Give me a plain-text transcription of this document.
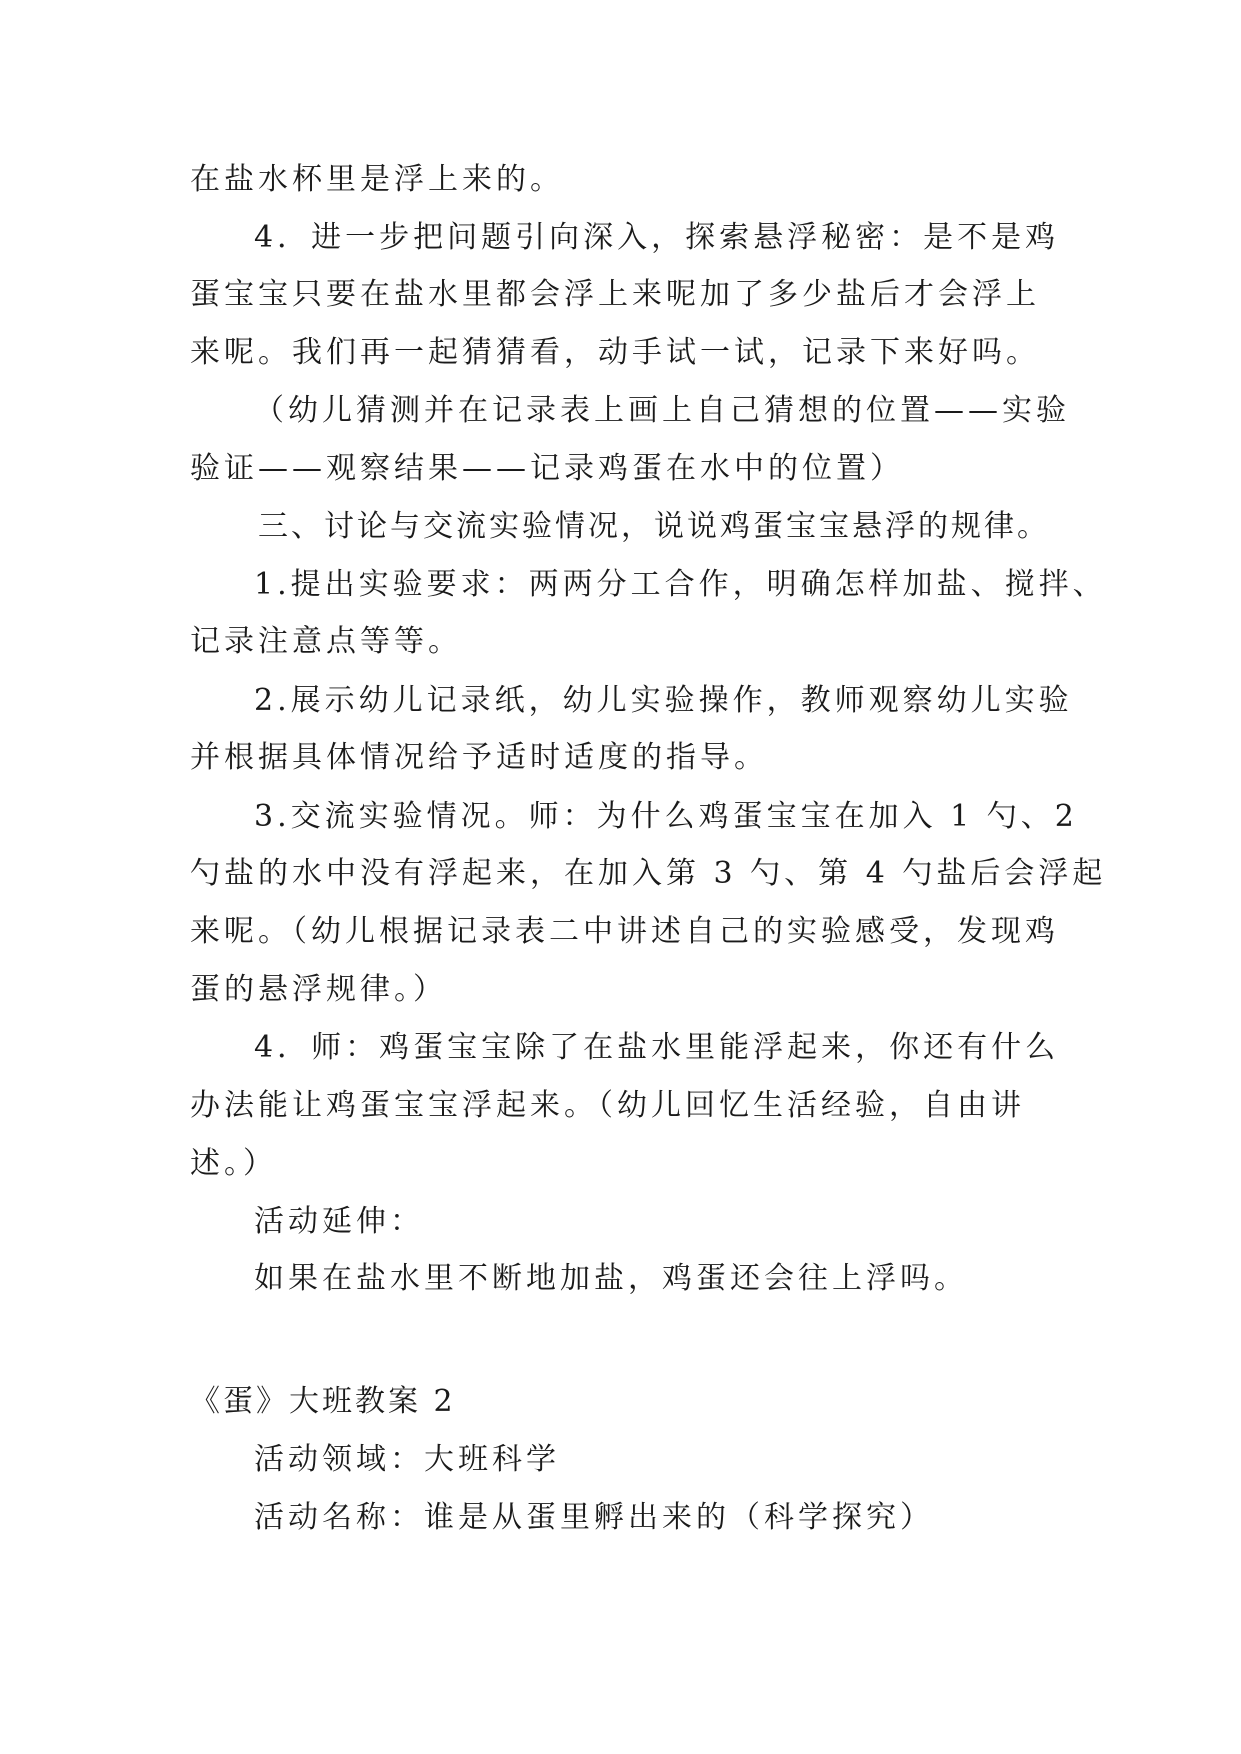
在盐水杯里是浮上来的。
4．进一步把问题引向深入，探索悬浮秘密：是不是鸡
蛋宝宝只要在盐水里都会浮上来呢加了多少盐后才会浮上
来呢。我们再一起猜猜看，动手试一试，记录下来好吗。
（幼儿猜测并在记录表上画上自己猜想的位置——实验
验证——观察结果——记录鸡蛋在水中的位置）
三、讨论与交流实验情况，说说鸡蛋宝宝悬浮的规律。
1.提出实验要求：两两分工合作，明确怎样加盐、搅拌、
记录注意点等等。
2.展示幼儿记录纸，幼儿实验操作，教师观察幼儿实验
并根据具体情况给予适时适度的指导。
3.交流实验情况。师：为什么鸡蛋宝宝在加入 1 勺、2
勺盐的水中没有浮起来，在加入第 3 勺、第 4 勺盐后会浮起
来呢。（幼儿根据记录表二中讲述自己的实验感受，发现鸡
蛋的悬浮规律。）
4．师：鸡蛋宝宝除了在盐水里能浮起来，你还有什么
办法能让鸡蛋宝宝浮起来。（幼儿回忆生活经验，自由讲
述。）
活动延伸：
如果在盐水里不断地加盐，鸡蛋还会往上浮吗。
《蛋》大班教案 2
活动领域：大班科学
活动名称：谁是从蛋里孵出来的（科学探究）
